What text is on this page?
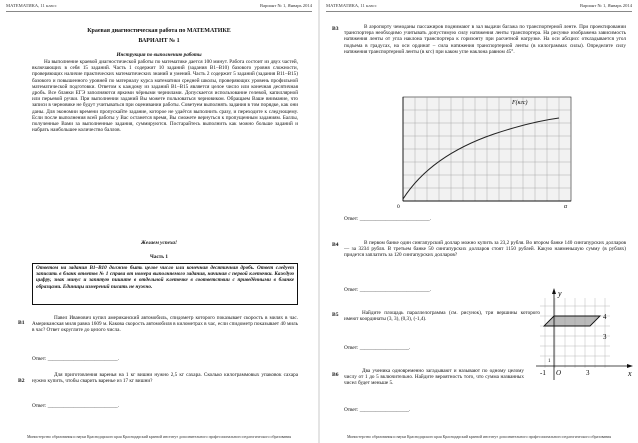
МАТЕМАТИКА, 11 класс	Вариант № 1, Январь 2014
Краевая диагностическая работа по МАТЕМАТИКЕ
ВАРИАНТ № 1
Инструкция по выполнению работы
На выполнение краевой диагностической работы по математике дается 100 минут. Работа состоит из двух частей, включающих в себя 15 заданий. Часть 1 содержит 10 заданий (задания В1–В10) базового уровня сложности, проверяющих наличие практических математических знаний и умений. Часть 2 содержит 5 заданий (задания В11–В15) базового и повышенного уровней по материалу курса математики средней школы, проверяющих уровень профильной математической подготовки. Ответом к каждому из заданий В1–В15 является целое число или конечная десятичная дробь. Все бланки ЕГЭ заполняются яркими чёрными чернилами. Допускается использование гелевой, капиллярной или перьевой ручки. При выполнении заданий Вы можете пользоваться черновиком. Обращаем Ваше внимание, что записи в черновике не будут учитываться при оценивании работы. Советуем выполнять задания в том порядке, как они даны. Для экономии времени пропускайте задание, которое не удаётся выполнить сразу, и переходите к следующему. Если после выполнения всей работы у Вас останется время, Вы сможете вернуться к пропущенным заданиям. Баллы, полученные Вами за выполненные задания, суммируются. Постарайтесь выполнить как можно больше заданий и набрать наибольшее количество баллов.
Желаем успеха!
Часть 1
Ответом на задания В1–В10 должно быть целое число или конечная десятичная дробь. Ответ следует записать в бланк ответов № 1 справа от номера выполняемого задания, начиная с первой клеточки. Каждую цифру, знак минус и запятую пишите в отдельной клеточке в соответствии с приведёнными в бланке образцами. Единицы измерений писать не нужно.
B1
Павел Иванович купил американский автомобиль, спидометр которого показывает скорость в милях в час. Американская миля равна 1609 м. Какова скорость автомобиля в километрах в час, если спидометр показывает 40 миль в час? Ответ округлите до целого числа.
Ответ: ___________________________.
B2
Для приготовления варенья на 1 кг вишни нужно 2,5 кг сахара. Сколько килограммовых упаковок сахара нужно купить, чтобы сварить варенье из 17 кг вишни?
Ответ: ___________________________.
Министерство образования и науки Краснодарского края Краснодарский краевой институт дополнительного профессионального педагогического образования
МАТЕМАТИКА, 11 класс	Вариант № 1, Январь 2014
B3	В аэропорту чемоданы пассажиров поднимают в зал выдачи багажа по транспортерной ленте. При проектировании транспортера необходимо учитывать допустимую силу натяжения ленты транспортера. На рисунке изображена зависимость натяжения ленты от угла наклона транспортера к горизонту при расчетной нагрузке. На оси абсцисс откладывается угол подъема в градусах, на оси ординат – сила натяжения транспортерной ленты (в килограммах силы). Определите силу натяжения транспортерной ленты (в кгс) при каком угле наклона равном 45°.
F(кгс)
α
0
Ответ: ___________________________.
B4	В первом банке один сингапурский доллар можно купить за 23,2 рубля. Во втором банке 140 сингапурских долларов — за 3234 рубля. В третьем банке 50 сингапурских долларов стоят 1150 рублей. Какую наименьшую сумму (в рублях) придется заплатить за 120 сингапурских долларов?
Ответ: ___________________________.
B5	Найдите площадь параллелограмма (см. рисунок), три вершины которого имеют координаты (3, 3), (0,3), (-1,4).
Ответ: ___________________.
y
x
O
-1	3
4
3
1
B6
Два ученика одновременно загадывают и называют по одному целому числу от 1 до 5 включительно. Найдите вероятность того, что сумма названных чисел будет меньше 5.
Ответ: ___________________.
Министерство образования и науки Краснодарского края Краснодарский краевой институт дополнительного профессионального педагогического образования
